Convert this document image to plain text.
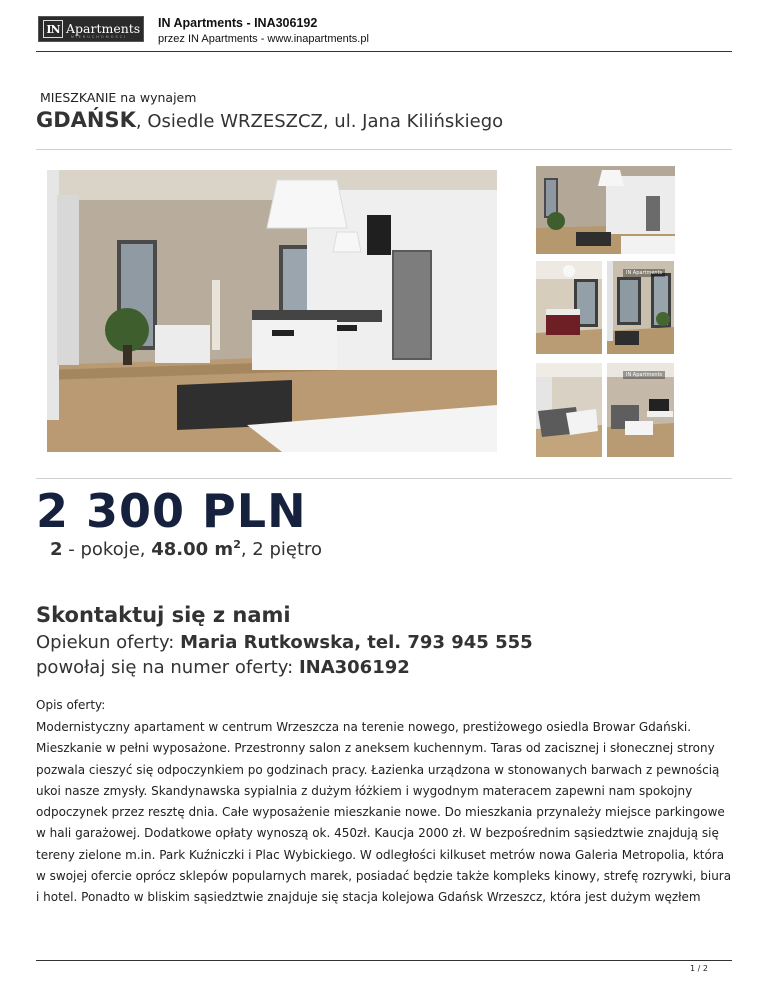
IN Apartments
NIERUCHOMOŚCI
IN Apartments - INA306192
przez IN Apartments - www.inapartments.pl
MIESZKANIE na wynajem
GDAŃSK, Osiedle WRZESZCZ, ul. Jana Kilińskiego
IN Apartments
IN Apartments
2 300 PLN
2 - pokoje, 48.00 $m^2$, 2 piętro
Skontaktuj się z nami
Opiekun oferty: Maria Rutkowska, tel. 793 945 555
powołaj się na numer oferty: INA306192
Opis oferty:
Modernistyczny apartament w centrum Wrzeszcza na terenie nowego, prestiżowego osiedla Browar Gdański. Mieszkanie w pełni wyposażone. Przestronny salon z aneksem kuchennym. Taras od zacisznej i słonecznej strony pozwala cieszyć się odpoczynkiem po godzinach pracy. Łazienka urządzona w stonowanych barwach z pewnością ukoi nasze zmysły. Skandynawska sypialnia z dużym łóżkiem i wygodnym materacem zapewni nam spokojny odpoczynek przez resztę dnia. Całe wyposażenie mieszkanie nowe. Do mieszkania przynależy miejsce parkingowe w hali garażowej. Dodatkowe opłaty wynoszą ok. 450zł. Kaucja 2000 zł. W bezpośrednim sąsiedztwie znajdują się tereny zielone m.in. Park Kuźniczki i Plac Wybickiego. W odległości kilkuset metrów nowa Galeria Metropolia, która w swojej ofercie oprócz sklepów popularnych marek, posiadać będzie także kompleks kinowy, strefę rozrywki, biura i hotel. Ponadto w bliskim sąsiedztwie znajduje się stacja kolejowa Gdańsk Wrzeszcz, która jest dużym węzłem
1 / 2
